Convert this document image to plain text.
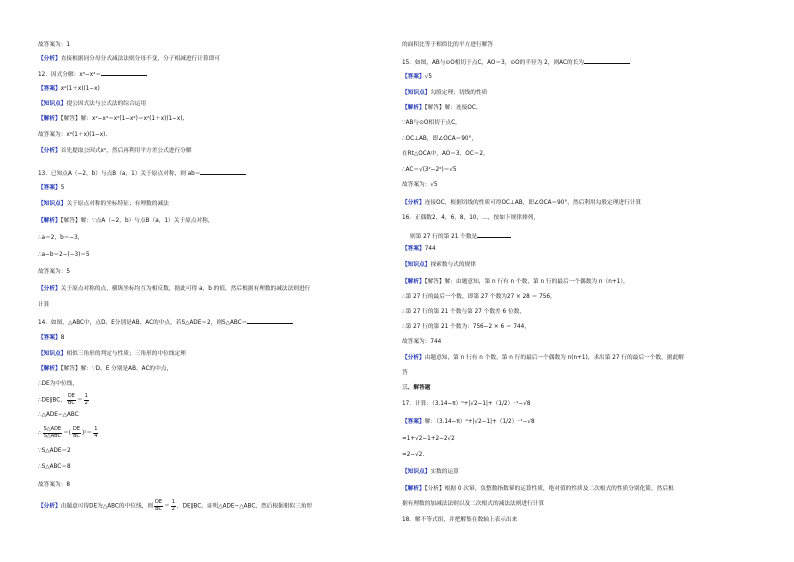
故答案为：1
【分析】直接根据同分母分式减法法则分母不变，分子相减进行计算即可
12．因式分解：x³−x⁴＝
【答案】x²(1＋x)(1−x)
【知识点】提公因式法与公式法的综合运用
【解析】【解答】解：x²−x⁴＝x²(1−x²)＝x²(1＋x)(1−x),
故答案为：x²(1＋x)(1−x).
【分析】首先提取公因式x²，然后再利用平方差公式进行分解
13．已知点A（−2，b）与点B（a，1）关于原点对称，则 ab＝
【答案】5
【知识点】关于原点对称的坐标特征；有理数的减法
【解析】【解答】解：∵点A（−2，b）与点B（a，1）关于原点对称，
∴a＝2，b＝−3，
∴a−b＝2−(−3)＝5
故答案为：5
【分析】关于原点对称的点，横纵坐标均互为相反数，据此可得 a，b 的值，然后根据有理数的减法法则进行
计算
14．如图，△ABC中，点D、E分别是AB、AC的中点，若S△ADE＝2，则S△ABC＝
【答案】8
【知识点】相似三角形的判定与性质；三角形的中位线定理
【解析】【解答】解：∵D、E 分别是AB、AC的中点，
∴DE为中位线，
∴DE∥BC， $\frac{DE}{BC} = \frac{1}{2}$
∴△ADE∽△ABC
∴ $\frac{\text{S△ADE}}{\text{S△ABC}}$ ＝( $\frac{DE}{BC} )^2= \frac{1}{4}$
∵S△ADE＝2
∴S△ABC＝8
故答案为：8
【分析】由题意可得DE为△ABC的中位线，则 $\frac{DE}{BC} = \frac{1}{2}$ ，DE∥BC，证明△ADE∽△ABC，然后根据相似三角形
的面积比等于相似比的平方进行解答
15．如图，AB与⊙O相切于点C，AO＝3，⊙O的半径为 2，则AC的长为
【答案】√5
【知识点】勾股定理；切线的性质
【解析】【解答】解：连接OC，
∵AB与⊙O相切于点C，
∴OC⊥AB，即∠OCA＝90°，
在Rt△OCA中，AO＝3，OC＝2，
∴AC＝√(3²−2²)＝√5
故答案为：√5
【分析】连接OC，根据切线的性质可得OC⊥AB，即∠OCA＝90°，然后利用勾股定理进行计算
16．正偶数2，4，6，8，10，…，按如下规律排列，
则第 27 行的第 21 个数是
【答案】744
【知识点】探索数与式的规律
【解析】【解答】解：由题意知，第 n 行有 n 个数，第 n 行的最后一个偶数为 n（n+1），
∴第 27 行的最后一个数，即第 27 个数为27 × 28 ＝ 756，
∴第 27 行的第 21 个数与第 27 个数差 6 位数，
∴第 27 行的第 21 个数为：756−2 × 6 ＝ 744，
故答案为：744
【分析】由题意知，第 n 行有 n 个数，第 n 行的最后一个偶数为 n(n+1)，求出第 27 行的最后一个数，据此解
答
三、解答题
17．计算：（3.14−π）⁰+|√2−1|+（1/2）⁻¹−√8
【答案】解：（3.14−π）⁰+|√2−1|+（1/2）⁻¹−√8
=1+√2−1+2−2√2
=2−√2.
【知识点】实数的运算
【解析】【分析】根据 0 次幂、负整数指数幂的运算性质，绝对值的性质及二次根式的性质分别化简，然后根
据有理数的加减法法则以及二次根式的减法法则进行计算
18．解不等式组，并把解集在数轴上表示出来
